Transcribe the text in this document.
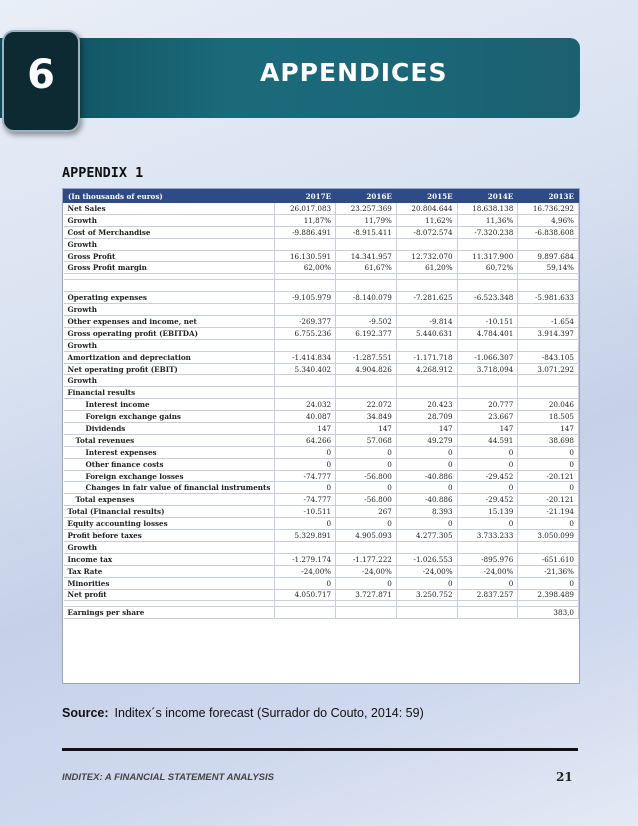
6	APPENDICES
APPENDIX 1
(In thousands of euros)	2017E	2016E	2015E	2014E	2013E
Net Sales	26.017.083	23.257.369	20.804.644	18.638.138	16.736.292
Growth	11,87%	11,79%	11,62%	11,36%	4,96%
Cost of Merchandise	-9.886.491	-8.915.411	-8.072.574	-7.320.238	-6.838.608
Growth					
Gross Profit	16.130.591	14.341.957	12.732.070	11.317.900	9.897.684
Gross Profit margin	62,00%	61,67%	61,20%	60,72%	59,14%

Operating expenses	-9.105.979	-8.140.079	-7.281.625	-6.523.348	-5.981.633
Growth					
Other expenses and income, net	-269.377	-9.502	-9.814	-10.151	-1.654
Gross operating profit (EBITDA)	6.755.236	6.192.377	5.440.631	4.784.401	3.914.397
Growth					
Amortization and depreciation	-1.414.834	-1.287.551	-1.171.718	-1.066.307	-843.105
Net operating profit (EBIT)	5.340.402	4.904.826	4.268.912	3.718.094	3.071.292
Growth					
Financial results					
Interest income	24.032	22.072	20.423	20.777	20.046
Foreign exchange gains	40.087	34.849	28.709	23.667	18.505
Dividends	147	147	147	147	147
Total revenues	64.266	57.068	49.279	44.591	38.698
Interest expenses	0	0	0	0	0
Other finance costs	0	0	0	0	0
Foreign exchange losses	-74.777	-56.800	-40.886	-29.452	-20.121
Changes in fair value of financial instruments	0	0	0	0	0
Total expenses	-74.777	-56.800	-40.886	-29.452	-20.121
Total (Financial results)	-10.511	267	8.393	15.139	-21.194
Equity accounting losses	0	0	0	0	0
Profit before taxes	5.329.891	4.905.093	4.277.305	3.733.233	3.050.099
Growth					
Income tax	-1.279.174	-1.177.222	-1.026.553	-895.976	-651.610
Tax Rate	-24,00%	-24,00%	-24,00%	-24,00%	-21,36%
Minorities	0	0	0	0	0
Net profit	4.050.717	3.727.871	3.250.752	2.837.257	2.398.489

Earnings per share					383,0
Source: Inditex´s income forecast (Surrador do Couto, 2014: 59)
INDITEX: A FINANCIAL STATEMENT ANALYSIS	21
